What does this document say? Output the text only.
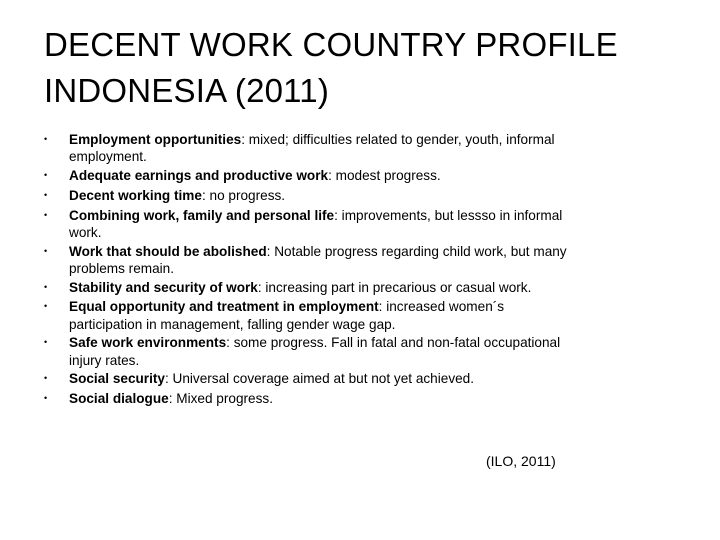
DECENT WORK COUNTRY PROFILE
INDONESIA (2011)
• Employment opportunities: mixed; difficulties related to gender, youth, informal
employment.
• Adequate earnings and productive work: modest progress.
• Decent working time: no progress.
• Combining work, family and personal life: improvements, but lessso in informal
work.
• Work that should be abolished: Notable progress regarding child work, but many
problems remain.
• Stability and security of work: increasing part in precarious or casual work.
• Equal opportunity and treatment in employment: increased women´s
participation in management, falling gender wage gap.
• Safe work environments: some progress. Fall in fatal and non-fatal occupational
injury rates.
• Social security: Universal coverage aimed at but not yet achieved.
• Social dialogue: Mixed progress.
(ILO, 2011)
